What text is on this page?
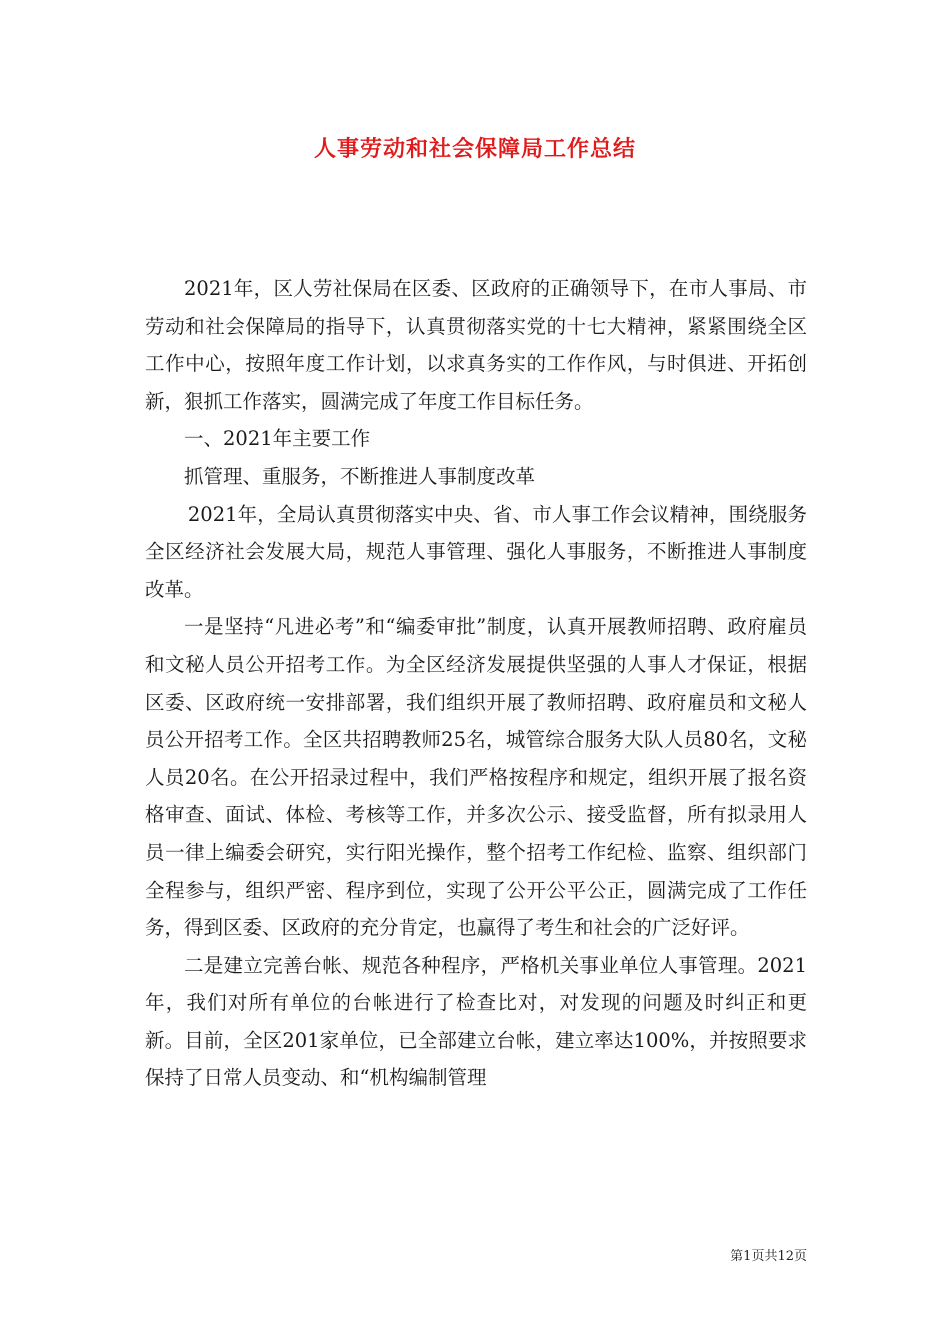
人事劳动和社会保障局工作总结

2021年，区人劳社保局在区委、区政府的正确领导下，在市人事局、市劳动和社会保障局的指导下，认真贯彻落实党的十七大精神，紧紧围绕全区工作中心，按照年度工作计划，以求真务实的工作作风，与时俱进、开拓创新，狠抓工作落实，圆满完成了年度工作目标任务。

一、2021年主要工作

抓管理、重服务，不断推进人事制度改革

2021年，全局认真贯彻落实中央、省、市人事工作会议精神，围绕服务全区经济社会发展大局，规范人事管理、强化人事服务，不断推进人事制度改革。

一是坚持“凡进必考”和“编委审批”制度，认真开展教师招聘、政府雇员和文秘人员公开招考工作。为全区经济发展提供坚强的人事人才保证，根据区委、区政府统一安排部署，我们组织开展了教师招聘、政府雇员和文秘人员公开招考工作。全区共招聘教师25名，城管综合服务大队人员80名，文秘人员20名。在公开招录过程中，我们严格按程序和规定，组织开展了报名资格审查、面试、体检、考核等工作，并多次公示、接受监督，所有拟录用人员一律上编委会研究，实行阳光操作，整个招考工作纪检、监察、组织部门全程参与，组织严密、程序到位，实现了公开公平公正，圆满完成了工作任务，得到区委、区政府的充分肯定，也赢得了考生和社会的广泛好评。

二是建立完善台帐、规范各种程序，严格机关事业单位人事管理。2021年，我们对所有单位的台帐进行了检查比对，对发现的问题及时纠正和更新。目前，全区201家单位，已全部建立台帐，建立率达100%，并按照要求保持了日常人员变动、和“机构编制管理

第1页共12页
